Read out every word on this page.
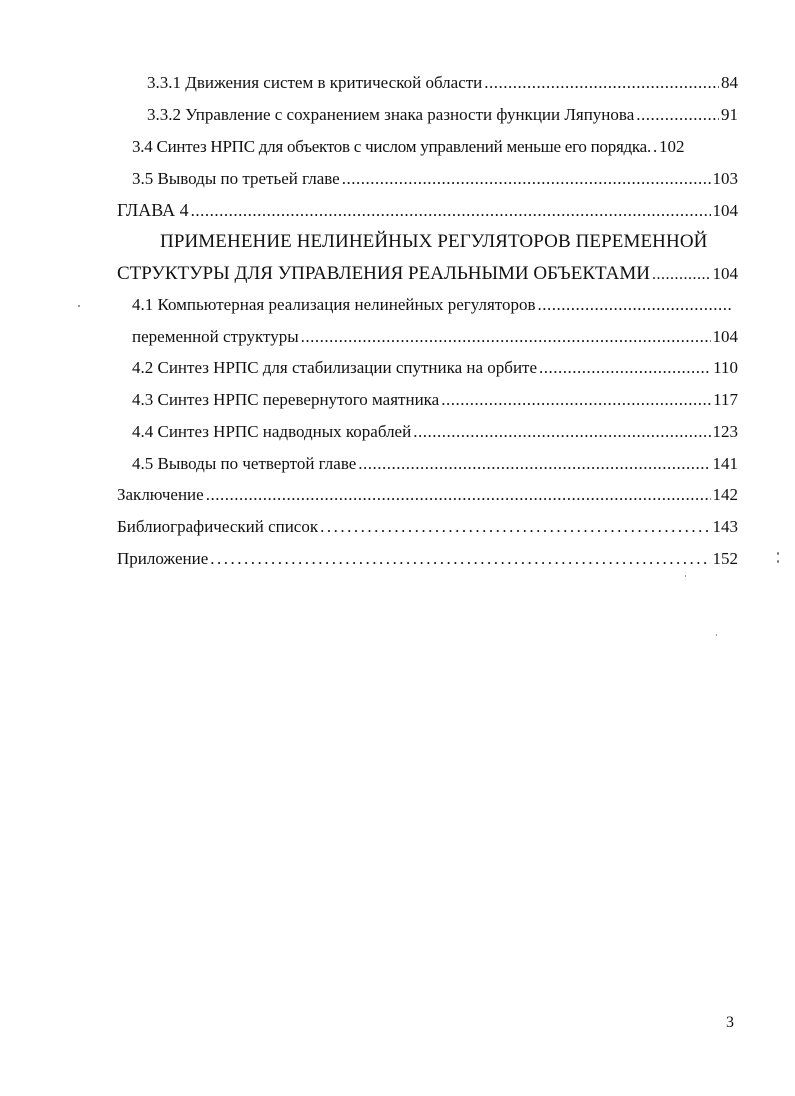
3.3.1 Движения систем в критической области .....	84
3.3.2 Управление с сохранением знака разности функции Ляпунова .....	91
3.4 Синтез НРПС для объектов с числом управлений меньше его порядка. ..... 102
3.5 Выводы по третьей главе .....	103
ГЛАВА 4 .....	104
ПРИМЕНЕНИЕ НЕЛИНЕЙНЫХ РЕГУЛЯТОРОВ ПЕРЕМЕННОЙ
СТРУКТУРЫ ДЛЯ УПРАВЛЕНИЯ РЕАЛЬНЫМИ ОБЪЕКТАМИ .....	104
4.1 Компьютерная реализация нелинейных регуляторов
.....
переменной структуры .....	104
4.2 Синтез НРПС для стабилизации спутника на орбите .....	110
4.3 Синтез НРПС перевернутого маятника .....	117
4.4 Синтез НРПС надводных кораблей .....	123
4.5 Выводы по четвертой главе .....	141
Заключение .....	142
Библиографический список .....	143
Приложение .....	152
3
